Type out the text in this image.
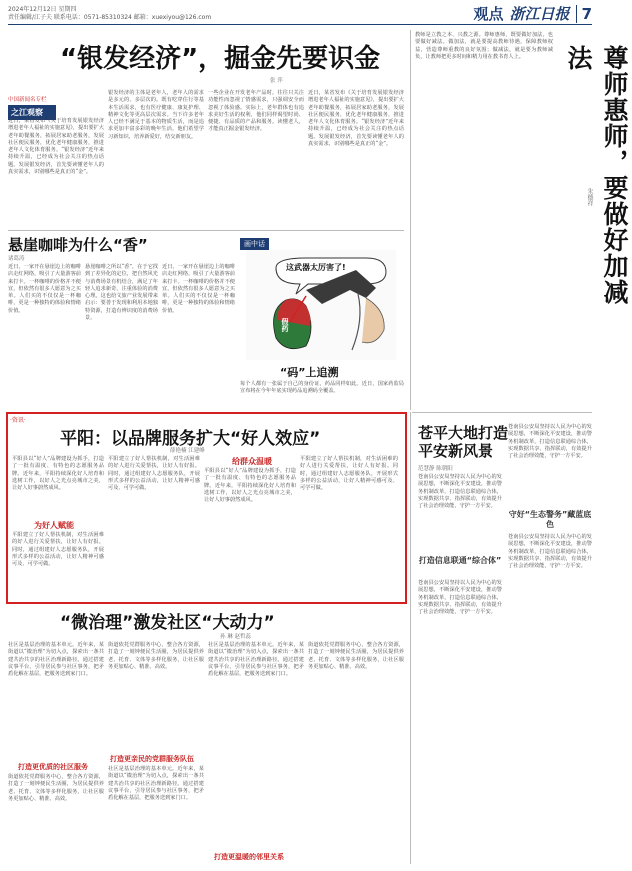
2024年12月12日 星期四
责任编辑/江子夫 联系电话：0571-85310324 邮箱：xuexiyou@126.com	观点 浙江日报 7
“银发经济”，掘金先要识金
张 萍
中国新闻名专栏
之江观察
近日，某省发布《关于培育发展银发经济增进老年人福祉的实施意见》，提出要扩大老年助餐服务，拓展居家助老服务，发展社区便民服务，优化老年健康服务，推进老年人文化体育服务。“银发经济”近年来持续升温，已经成为社会关注的热点话题。发展银发经济，首先要读懂老年人的真实需求，识别哪些是真正的“金”。
银发经济的主体是老年人，老年人的需求是多元的、多层次的。既有吃穿住行等基本生活需求，也有医疗健康、康复护理、精神文化等更高层次需求。当下许多老年人已经不满足于基本的物质生活，而是追求更加丰富多彩的晚年生活，他们希望学习新知识，培养新爱好，结交新朋友。
一些企业在开发老年产品时，往往只关注功能性而忽视了情感需求，只强调安全而忽视了体验感。实际上，老年群体也有追求美好生活的权利，他们同样渴望时尚、便捷、有品质的产品和服务。读懂老人，才能真正掘金银发经济。
近日，某省发布《关于培育发展银发经济增进老年人福祉的实施意见》，提出要扩大老年助餐服务，拓展居家助老服务，发展社区便民服务，优化老年健康服务，推进老年人文化体育服务。“银发经济”近年来持续升温，已经成为社会关注的热点话题。发展银发经济，首先要读懂老年人的真实需求，识别哪些是真正的“金”。
教师是立教之本、兴教之源。尊师惠师，既要做好加法，也要做好减法。做加法，就是要提高教师待遇，保障教师权益，营造尊师重教的良好氛围；做减法，就是要为教师减负，让教师把更多时间和精力用在教书育人上。	尊师惠师，要做好加减法
朱德祥
悬崖咖啡为什么“香”
诸葛涛
近日，一家开在悬崖边上的咖啡店走红网络，吸引了大量游客前来打卡。一杯咖啡的价格并不便宜，但依然有很多人愿意为之买单。人们买的不仅仅是一杯咖啡，更是一种独特的体验和情绪价值。
悬崖咖啡之所以“香”，在于它找到了差异化的定位，把自然风光与消费场景有机结合，满足了年轻人追求新奇、注重体验的消费心理。这也给文旅产业发展带来启示：要善于发现和利用本地独特资源，打造有辨识度的消费场景。
近日，一家开在悬崖边上的咖啡店走红网络，吸引了大量游客前来打卡。一杯咖啡的价格并不便宜，但依然有很多人愿意为之买单。人们买的不仅仅是一杯咖啡，更是一种独特的体验和情绪价值。
画中话
这武器太厉害了!
假药
“码”上追溯
每个人都有一张属于自己的身份证，药品同样如此。近日，国家药监局宣布将在今年年底实现药品追溯码全覆盖。
·资讯·
平阳：以品牌服务扩大“好人效应”
薛艳楠 江建峰
平阳县以“好人”品牌建设为抓手，打造了一批有温度、有特色的志愿服务品牌。近年来，平阳持续深化好人培育和选树工作，以好人之光点亮城市之美，让好人好事蔚然成风。
为好人赋能
平阳建立了好人帮扶机制，对生活困难的好人进行关爱帮扶，让好人有好报。同时，通过组建好人志愿服务队，开展形式多样的公益活动，让好人精神可感可及、可学可做。
平阳建立了好人帮扶机制，对生活困难的好人进行关爱帮扶，让好人有好报。同时，通过组建好人志愿服务队，开展形式多样的公益活动，让好人精神可感可及、可学可做。
给群众温暖
平阳县以“好人”品牌建设为抓手，打造了一批有温度、有特色的志愿服务品牌。近年来，平阳持续深化好人培育和选树工作，以好人之光点亮城市之美，让好人好事蔚然成风。
平阳建立了好人帮扶机制，对生活困难的好人进行关爱帮扶，让好人有好报。同时，通过组建好人志愿服务队，开展形式多样的公益活动，让好人精神可感可及、可学可做。
苍平大地打造平安新风景
范慧静 陈朝阳
苍南县公安局坚持以人民为中心的发展思想，不断深化平安建设，推动警务机制改革，打造信息联通综合体，实现数据共享、指挥联动，有效提升了社会治理效能，守护一方平安。
打造信息联通“综合体”
苍南县公安局坚持以人民为中心的发展思想，不断深化平安建设，推动警务机制改革，打造信息联通综合体，实现数据共享、指挥联动，有效提升了社会治理效能，守护一方平安。
苍南县公安局坚持以人民为中心的发展思想，不断深化平安建设，推动警务机制改革，打造信息联通综合体，实现数据共享、指挥联动，有效提升了社会治理效能，守护一方平安。
守好“生态警务”藏蓝底色
苍南县公安局坚持以人民为中心的发展思想，不断深化平安建设，推动警务机制改革，打造信息联通综合体，实现数据共享、指挥联动，有效提升了社会治理效能，守护一方平安。
“微治理”激发社区“大动力”
孙 琳 赵哲蕊
社区是基层治理的基本单元。近年来，某街道以“微治理”为切入点，探索出一条共建共治共享的社区治理新路径。通过搭建议事平台，引导居民参与社区事务，把矛盾化解在基层，把服务送到家门口。
打造更优质的社区服务
街道依托党群服务中心，整合各方资源，打造了一刻钟便民生活圈，为居民提供养老、托育、文体等多样化服务，让社区服务更加贴心、精准、高效。
街道依托党群服务中心，整合各方资源，打造了一刻钟便民生活圈，为居民提供养老、托育、文体等多样化服务，让社区服务更加贴心、精准、高效。
打造更亲民的党群服务队伍
社区是基层治理的基本单元。近年来，某街道以“微治理”为切入点，探索出一条共建共治共享的社区治理新路径。通过搭建议事平台，引导居民参与社区事务，把矛盾化解在基层，把服务送到家门口。
社区是基层治理的基本单元。近年来，某街道以“微治理”为切入点，探索出一条共建共治共享的社区治理新路径。通过搭建议事平台，引导居民参与社区事务，把矛盾化解在基层，把服务送到家门口。
打造更温暖的邻里关系
街道依托党群服务中心，整合各方资源，打造了一刻钟便民生活圈，为居民提供养老、托育、文体等多样化服务，让社区服务更加贴心、精准、高效。
